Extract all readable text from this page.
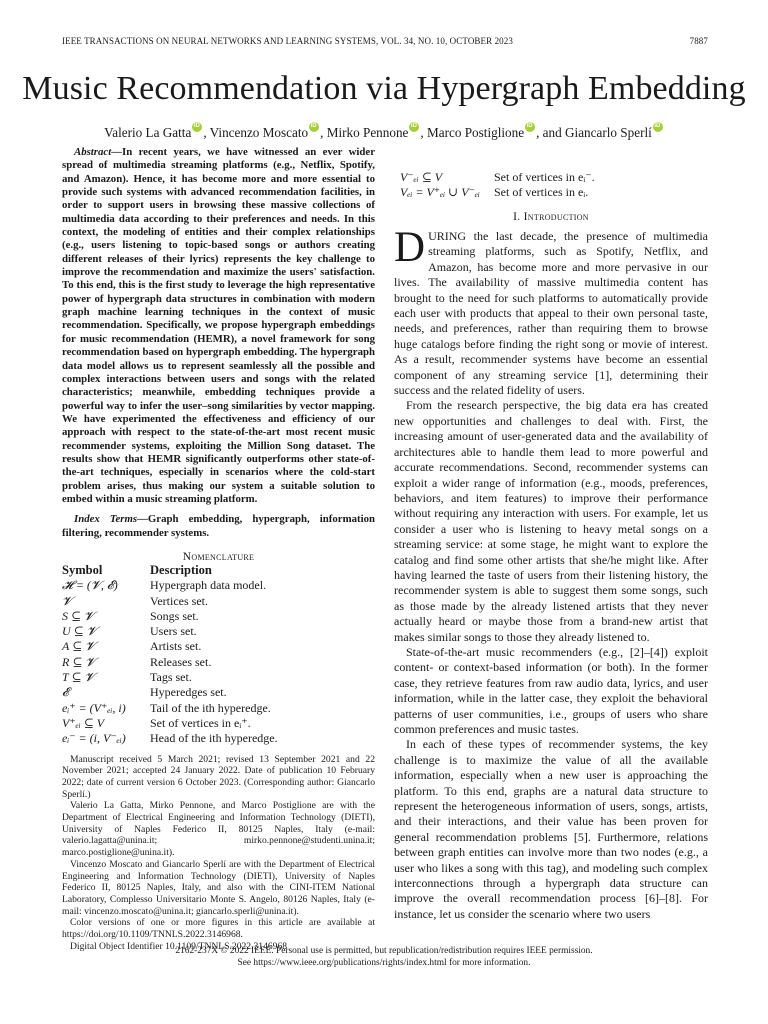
IEEE TRANSACTIONS ON NEURAL NETWORKS AND LEARNING SYSTEMS, VOL. 34, NO. 10, OCTOBER 2023	7887
Music Recommendation via Hypergraph Embedding
Valerio La Gatta iD , Vincenzo Moscato iD , Mirko Pennone iD , Marco Postiglione iD , and Giancarlo SperlíiD

Abstract—In recent years, we have witnessed an ever wider spread of multimedia streaming platforms (e.g., Netflix, Spotify, and Amazon). Hence, it has become more and more essential to provide such systems with advanced recommendation facilities, in order to support users in browsing these massive collections of multimedia data according to their preferences and needs. In this context, the modeling of entities and their complex relationships (e.g., users listening to topic-based songs or authors creating different releases of their lyrics) represents the key challenge to improve the recommendation and maximize the users' satisfaction. To this end, this is the first study to leverage the high representative power of hypergraph data structures in combination with modern graph machine learning techniques in the context of music recommendation. Specifically, we propose hypergraph embeddings for music recommendation (HEMR), a novel framework for song recommendation based on hypergraph embedding. The hypergraph data model allows us to represent seamlessly all the possible and complex interactions between users and songs with the related characteristics; meanwhile, embedding techniques provide a powerful way to infer the user–song similarities by vector mapping. We have experimented the effectiveness and efficiency of our approach with respect to the state-of-the-art most recent music recommender systems, exploiting the Million Song dataset. The results show that HEMR significantly outperforms other state-of-the-art techniques, especially in scenarios where the cold-start problem arises, thus making our system a suitable solution to embed within a music streaming platform.

Index Terms—Graph embedding, hypergraph, information filtering, recommender systems.

Nomenclature
Symbol	Description
𝓗 = (𝓥, 𝓔)	Hypergraph data model.
𝓥	Vertices set.
S ⊆ 𝓥	Songs set.
U ⊆ 𝓥	Users set.
A ⊆ 𝓥	Artists set.
R ⊆ 𝓥	Releases set.
T ⊆ 𝓥	Tags set.
𝓔	Hyperedges set.
eᵢ⁺ = (V⁺ₑᵢ, i)	Tail of the ith hyperedge.
V⁺ₑᵢ ⊆ V	Set of vertices in eᵢ⁺.
eᵢ⁻ = (i, V⁻ₑᵢ)	Head of the ith hyperedge.

Manuscript received 5 March 2021; revised 13 September 2021 and 22 November 2021; accepted 24 January 2022. Date of publication 10 February 2022; date of current version 6 October 2023. (Corresponding author: Giancarlo Sperlí.)

Valerio La Gatta, Mirko Pennone, and Marco Postiglione are with the Department of Electrical Engineering and Information Technology (DIETI), University of Naples Federico II, 80125 Naples, Italy (e-mail: valerio.lagatta@unina.it; mirko.pennone@studenti.unina.it; marco.postiglione@unina.it).

Vincenzo Moscato and Giancarlo Sperlí are with the Department of Electrical Engineering and Information Technology (DIETI), University of Naples Federico II, 80125 Naples, Italy, and also with the CINI-ITEM National Laboratory, Complesso Universitario Monte S. Angelo, 80126 Naples, Italy (e-mail: vincenzo.moscato@unina.it; giancarlo.sperli@unina.it).

Color versions of one or more figures in this article are available at https://doi.org/10.1109/TNNLS.2022.3146968.

Digital Object Identifier 10.1109/TNNLS.2022.3146968

V⁻ₑᵢ ⊆ V	Set of vertices in eᵢ⁻.
Vₑᵢ = V⁺ₑᵢ ∪ V⁻ₑᵢ	Set of vertices in eᵢ.
I. Introduction

DURING the last decade, the presence of multimedia streaming platforms, such as Spotify, Netflix, and Amazon, has become more and more pervasive in our lives. The availability of massive multimedia content has brought to the need for such platforms to automatically provide each user with products that appeal to their own personal taste, needs, and preferences, rather than requiring them to browse huge catalogs before finding the right song or movie of interest. As a result, recommender systems have become an essential component of any streaming service [1], determining their success and the related fidelity of users.

From the research perspective, the big data era has created new opportunities and challenges to deal with. First, the increasing amount of user-generated data and the availability of architectures able to handle them lead to more powerful and accurate recommendations. Second, recommender systems can exploit a wider range of information (e.g., moods, preferences, behaviors, and item features) to improve their performance without requiring any interaction with users. For example, let us consider a user who is listening to heavy metal songs on a streaming service: at some stage, he might want to explore the catalog and find some other artists that she/he might like. After having learned the taste of users from their listening history, the recommender system is able to suggest them some songs, such as those made by the already listened artists that they never actually heard or maybe those from a brand-new artist that makes similar songs to those they already listened to.

State-of-the-art music recommenders (e.g., [2]–[4]) exploit content- or context-based information (or both). In the former case, they retrieve features from raw audio data, lyrics, and user information, while in the latter case, they exploit the behavioral patterns of user communities, i.e., groups of users who share common preferences and music tastes.

In each of these types of recommender systems, the key challenge is to maximize the value of all the available information, especially when a new user is approaching the platform. To this end, graphs are a natural data structure to represent the heterogeneous information of users, songs, artists, and their interactions, and their value has been proven for general recommendation problems [5]. Furthermore, relations between graph entities can involve more than two nodes (e.g., a user who likes a song with this tag), and modeling such complex interconnections through a hypergraph data structure can improve the overall recommendation process [6]–[8]. For instance, let us consider the scenario where two users

2162-237X © 2022 IEEE. Personal use is permitted, but republication/redistribution requires IEEE permission.
See https://www.ieee.org/publications/rights/index.html for more information.
